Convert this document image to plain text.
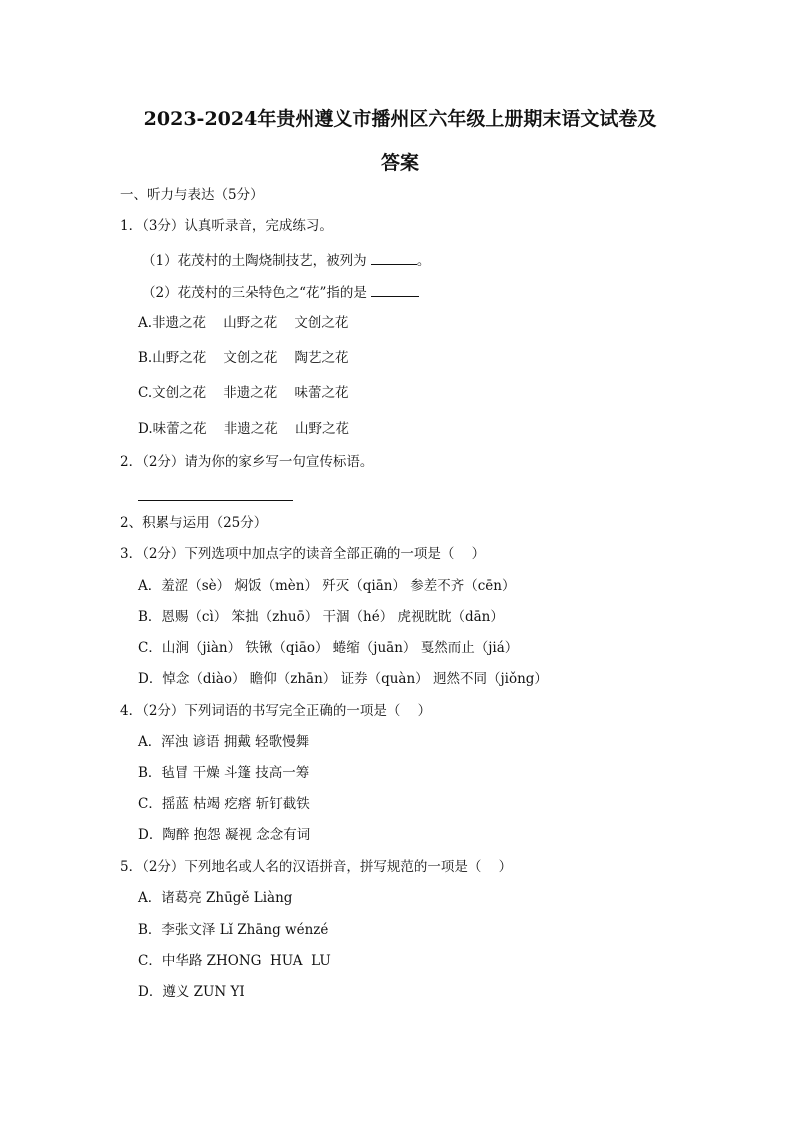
2023-2024年贵州遵义市播州区六年级上册期末语文试卷及
答案
一、听力与表达（5分）
1．（3分）认真听录音，完成练习。
（1）花茂村的土陶烧制技艺，被列为	。
（2）花茂村的三朵特色之“花”指的是
A.非遗之花    山野之花    文创之花
B.山野之花    文创之花    陶艺之花
C.文创之花    非遗之花    味蕾之花
D.味蕾之花    非遗之花    山野之花
2．（2分）请为你的家乡写一句宣传标语。
2、积累与运用（25分）
3．（2分）下列选项中加点字的读音全部正确的一项是（    ）
A．羞涩（sè） 焖饭（mèn） 歼灭（qiān） 参差不齐（cēn）
B．恩赐（cì） 笨拙（zhuō） 干涸（hé） 虎视眈眈（dān）
C．山涧（jiàn） 铁锹（qiāo） 蜷缩（juān） 戛然而止（jiá）
D．悼念（diào） 瞻仰（zhān） 证券（quàn） 迥然不同（jiǒng）
4．（2分）下列词语的书写完全正确的一项是（    ）
A．浑浊 谚语 拥戴 轻歌慢舞
B．毡冒 干燥 斗篷 技高一筹
C．摇蓝 枯竭 疙瘩 斩钉截铁
D．陶醉 抱怨 凝视 念念有词
5．（2分）下列地名或人名的汉语拼音，拼写规范的一项是（    ）
A．诸葛亮 Zhūgě Liàng
B．李张文泽 Lǐ Zhāng wénzé
C．中华路 ZHONG  HUA  LU
D．遵义 ZUN YI
